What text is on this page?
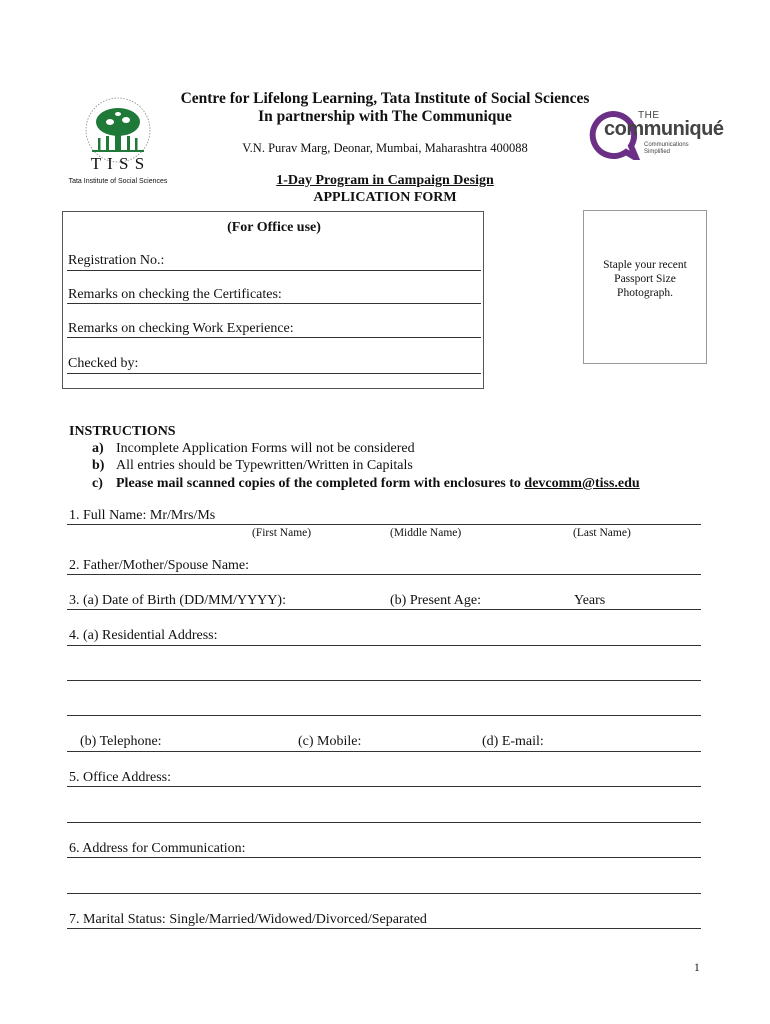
T I S S
Tata Institute of Social Sciences
Centre for Lifelong Learning, Tata Institute of Social Sciences
In partnership with The Communique
V.N. Purav Marg, Deonar, Mumbai, Maharashtra 400088
1-Day Program in Campaign Design
APPLICATION FORM
THE
communiqué
Communications
Simplified
(For Office use)
Registration No.:
Remarks on checking the Certificates:
Remarks on checking Work Experience:
Checked by:
Staple your recent
Passport Size
Photograph.
INSTRUCTIONS
a) Incomplete Application Forms will not be considered
b) All entries should be Typewritten/Written in Capitals
c) Please mail scanned copies of the completed form with enclosures to devcomm@tiss.edu
1. Full Name: Mr/Mrs/Ms
(First Name)	(Middle Name)	(Last Name)
2. Father/Mother/Spouse Name:
3. (a) Date of Birth (DD/MM/YYYY):	(b) Present Age:	Years
4. (a) Residential Address:
(b) Telephone:	(c) Mobile:	(d) E-mail:
5. Office Address:
6. Address for Communication:
7. Marital Status: Single/Married/Widowed/Divorced/Separated
1
